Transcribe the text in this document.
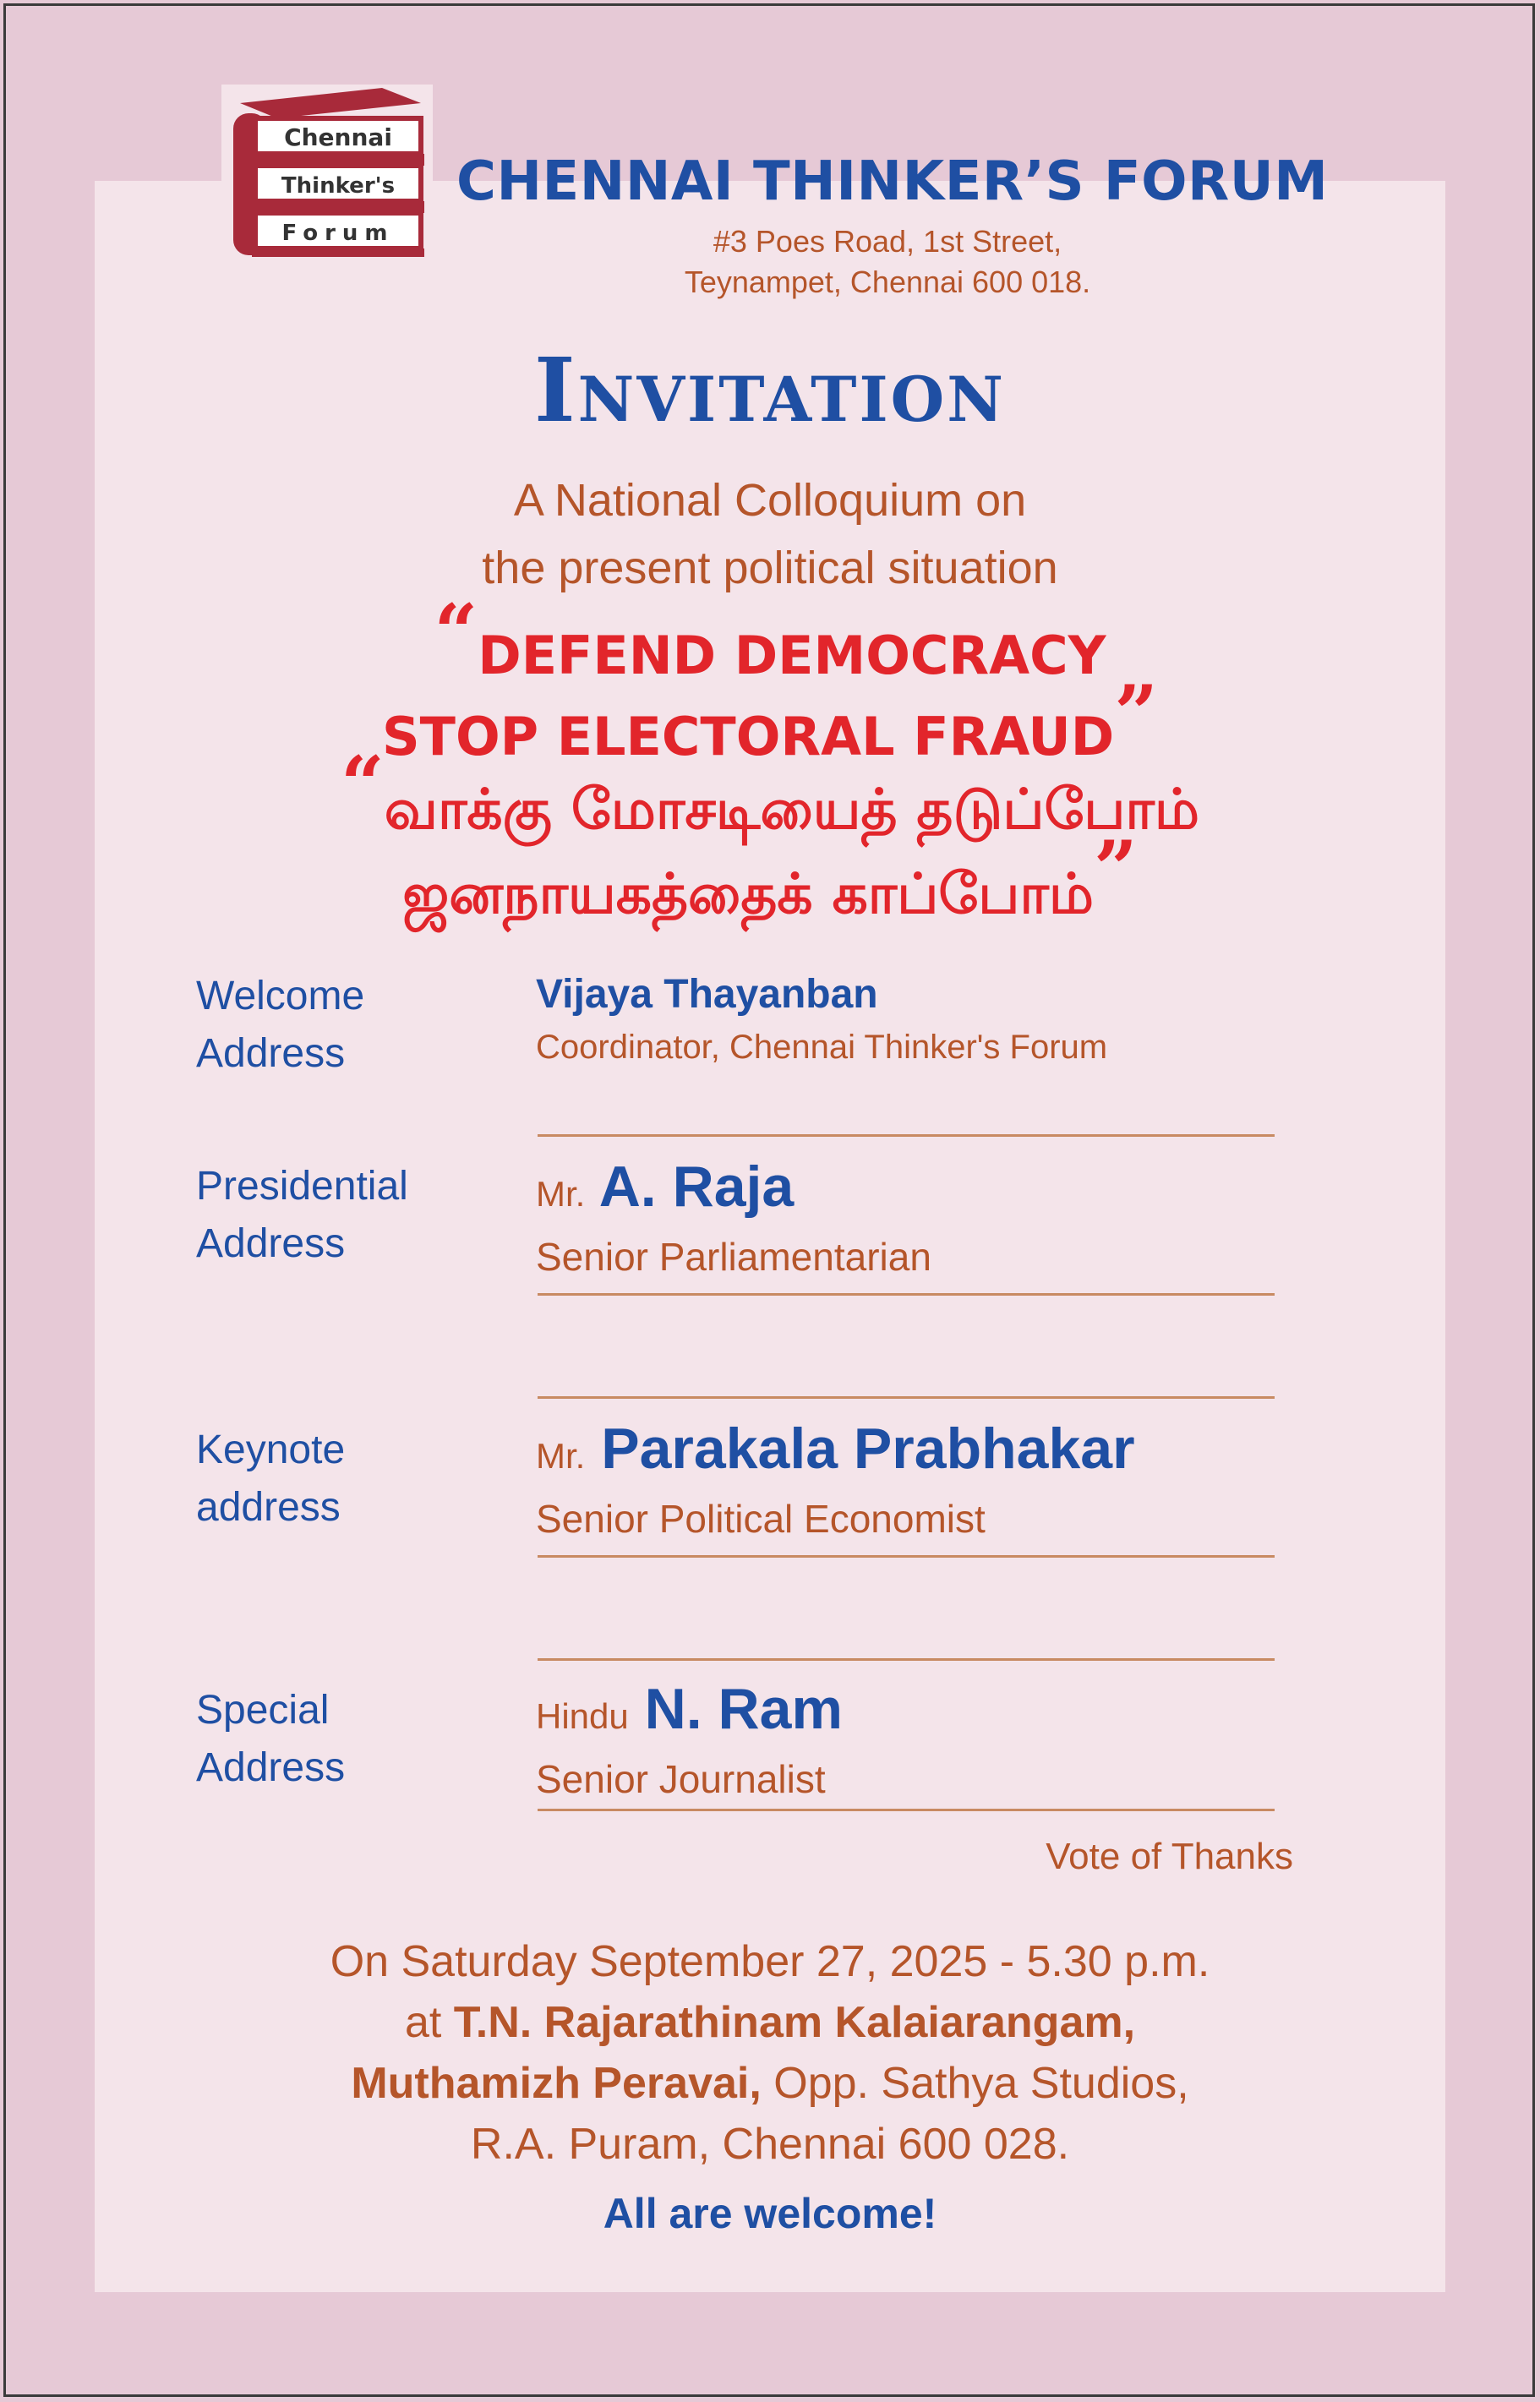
Chennai
Thinker's
Forum
CHENNAI THINKER’S FORUM
#3 Poes Road, 1st Street,
Teynampet, Chennai 600 018.
Invitation
A National Colloquium on
the present political situation
“DEFEND DEMOCRACY
STOP ELECTORAL FRAUD”
“வாக்கு மோசடியைத் தடுப்போம்
ஜனநாயகத்தைக் காப்போம்”
Welcome
Address
Vijaya Thayanban
Coordinator, Chennai Thinker's Forum
Presidential
Address
Mr. A. Raja
Senior Parliamentarian
Keynote
address
Mr. Parakala Prabhakar
Senior Political Economist
Special
Address
Hindu N. Ram
Senior Journalist
Vote of Thanks
On Saturday September 27, 2025 - 5.30 p.m.
at T.N. Rajarathinam Kalaiarangam,
Muthamizh Peravai, Opp. Sathya Studios,
R.A. Puram, Chennai 600 028.
All are welcome!
